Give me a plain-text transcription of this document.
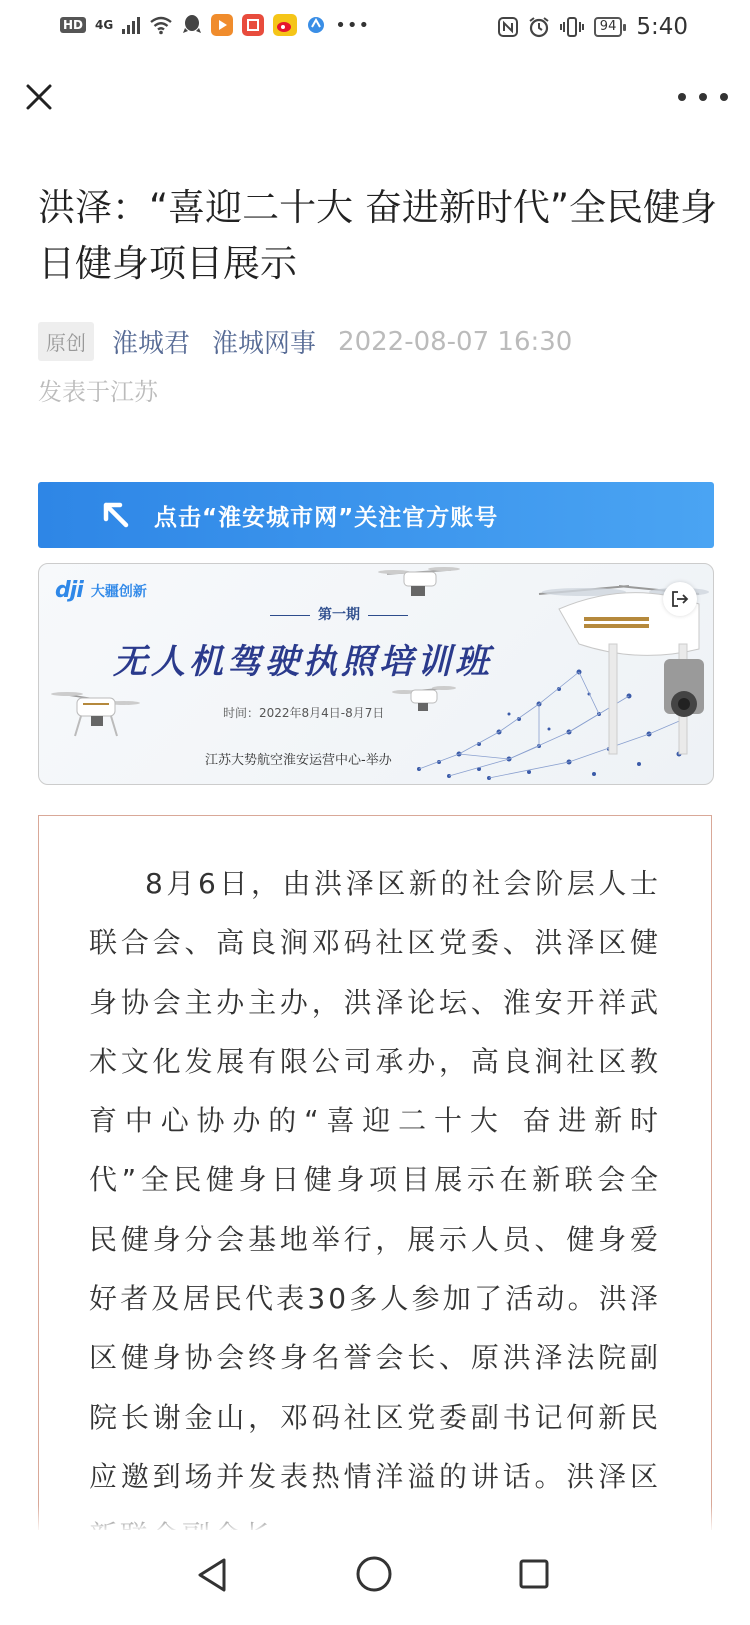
HD 4G	•••	94 5:40
洪泽：“喜迎二十大 奋进新时代”全民健身日健身项目展示
原创	淮城君 淮城网事 2022-08-07 16:30
发表于江苏
点击“淮安城市网”关注官方账号
dji 大疆创新
第一期
无人机驾驶执照培训班
时间：2022年8月4日-8月7日
江苏大势航空淮安运营中心-举办

8月6日，由洪泽区新的社会阶层人士联合会、高良涧邓码社区党委、洪泽区健身协会主办主办，洪泽论坛、淮安开祥武术文化发展有限公司承办，高良涧社区教育中心协办的“喜迎二十大 奋进新时代”全民健身日健身项目展示在新联会全民健身分会基地举行，展示人员、健身爱好者及居民代表30多人参加了活动。洪泽区健身协会终身名誉会长、原洪泽法院副院长谢金山，邓码社区党委副书记何新民应邀到场并发表热情洋溢的讲话。洪泽区
